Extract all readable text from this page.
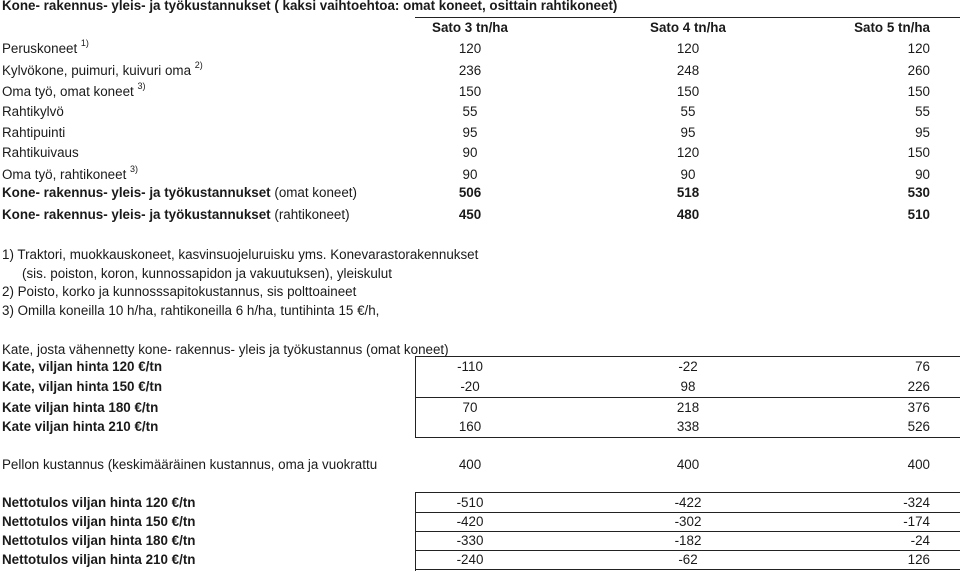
Kone- rakennus- yleis- ja työkustannukset ( kaksi vaihtoehtoa: omat koneet, osittain rahtikoneet)
Sato 3 tn/ha	Sato 4 tn/ha	Sato 5 tn/ha
Peruskoneet $^{1)}$	120	120	120
Kylvökone, puimuri, kuivuri oma $^{2)}$	236	248	260
Oma työ, omat koneet $^{3)}$	150	150	150
Rahtikylvö	55	55	55
Rahtipuinti	95	95	95
Rahtikuivaus	90	120	150
Oma työ, rahtikoneet $^{3)}$	90	90	90
Kone- rakennus- yleis- ja työkustannukset (omat koneet)	506	518	530
Kone- rakennus- yleis- ja työkustannukset (rahtikoneet)	450	480	510
1) Traktori, muokkauskoneet, kasvinsuojeluruisku yms. Konevarastorakennukset
(sis. poiston, koron, kunnossapidon ja vakuutuksen), yleiskulut
2) Poisto, korko ja kunnosssapitokustannus, sis polttoaineet
3) Omilla koneilla 10 h/ha, rahtikoneilla 6 h/ha, tuntihinta 15 €/h,
Kate, josta vähennetty kone- rakennus- yleis ja työkustannus (omat koneet)
Kate, viljan hinta 120 €/tn	-110	-22	76
Kate, viljan hinta 150 €/tn	-20	98	226
Kate viljan hinta 180 €/tn	70	218	376
Kate viljan hinta 210 €/tn	160	338	526
Pellon kustannus (keskimääräinen kustannus, oma ja vuokrattu	400	400	400
Nettotulos viljan hinta 120 €/tn	-510	-422	-324
Nettotulos viljan hinta 150 €/tn	-420	-302	-174
Nettotulos viljan hinta 180 €/tn	-330	-182	-24
Nettotulos viljan hinta 210 €/tn	-240	-62	126
